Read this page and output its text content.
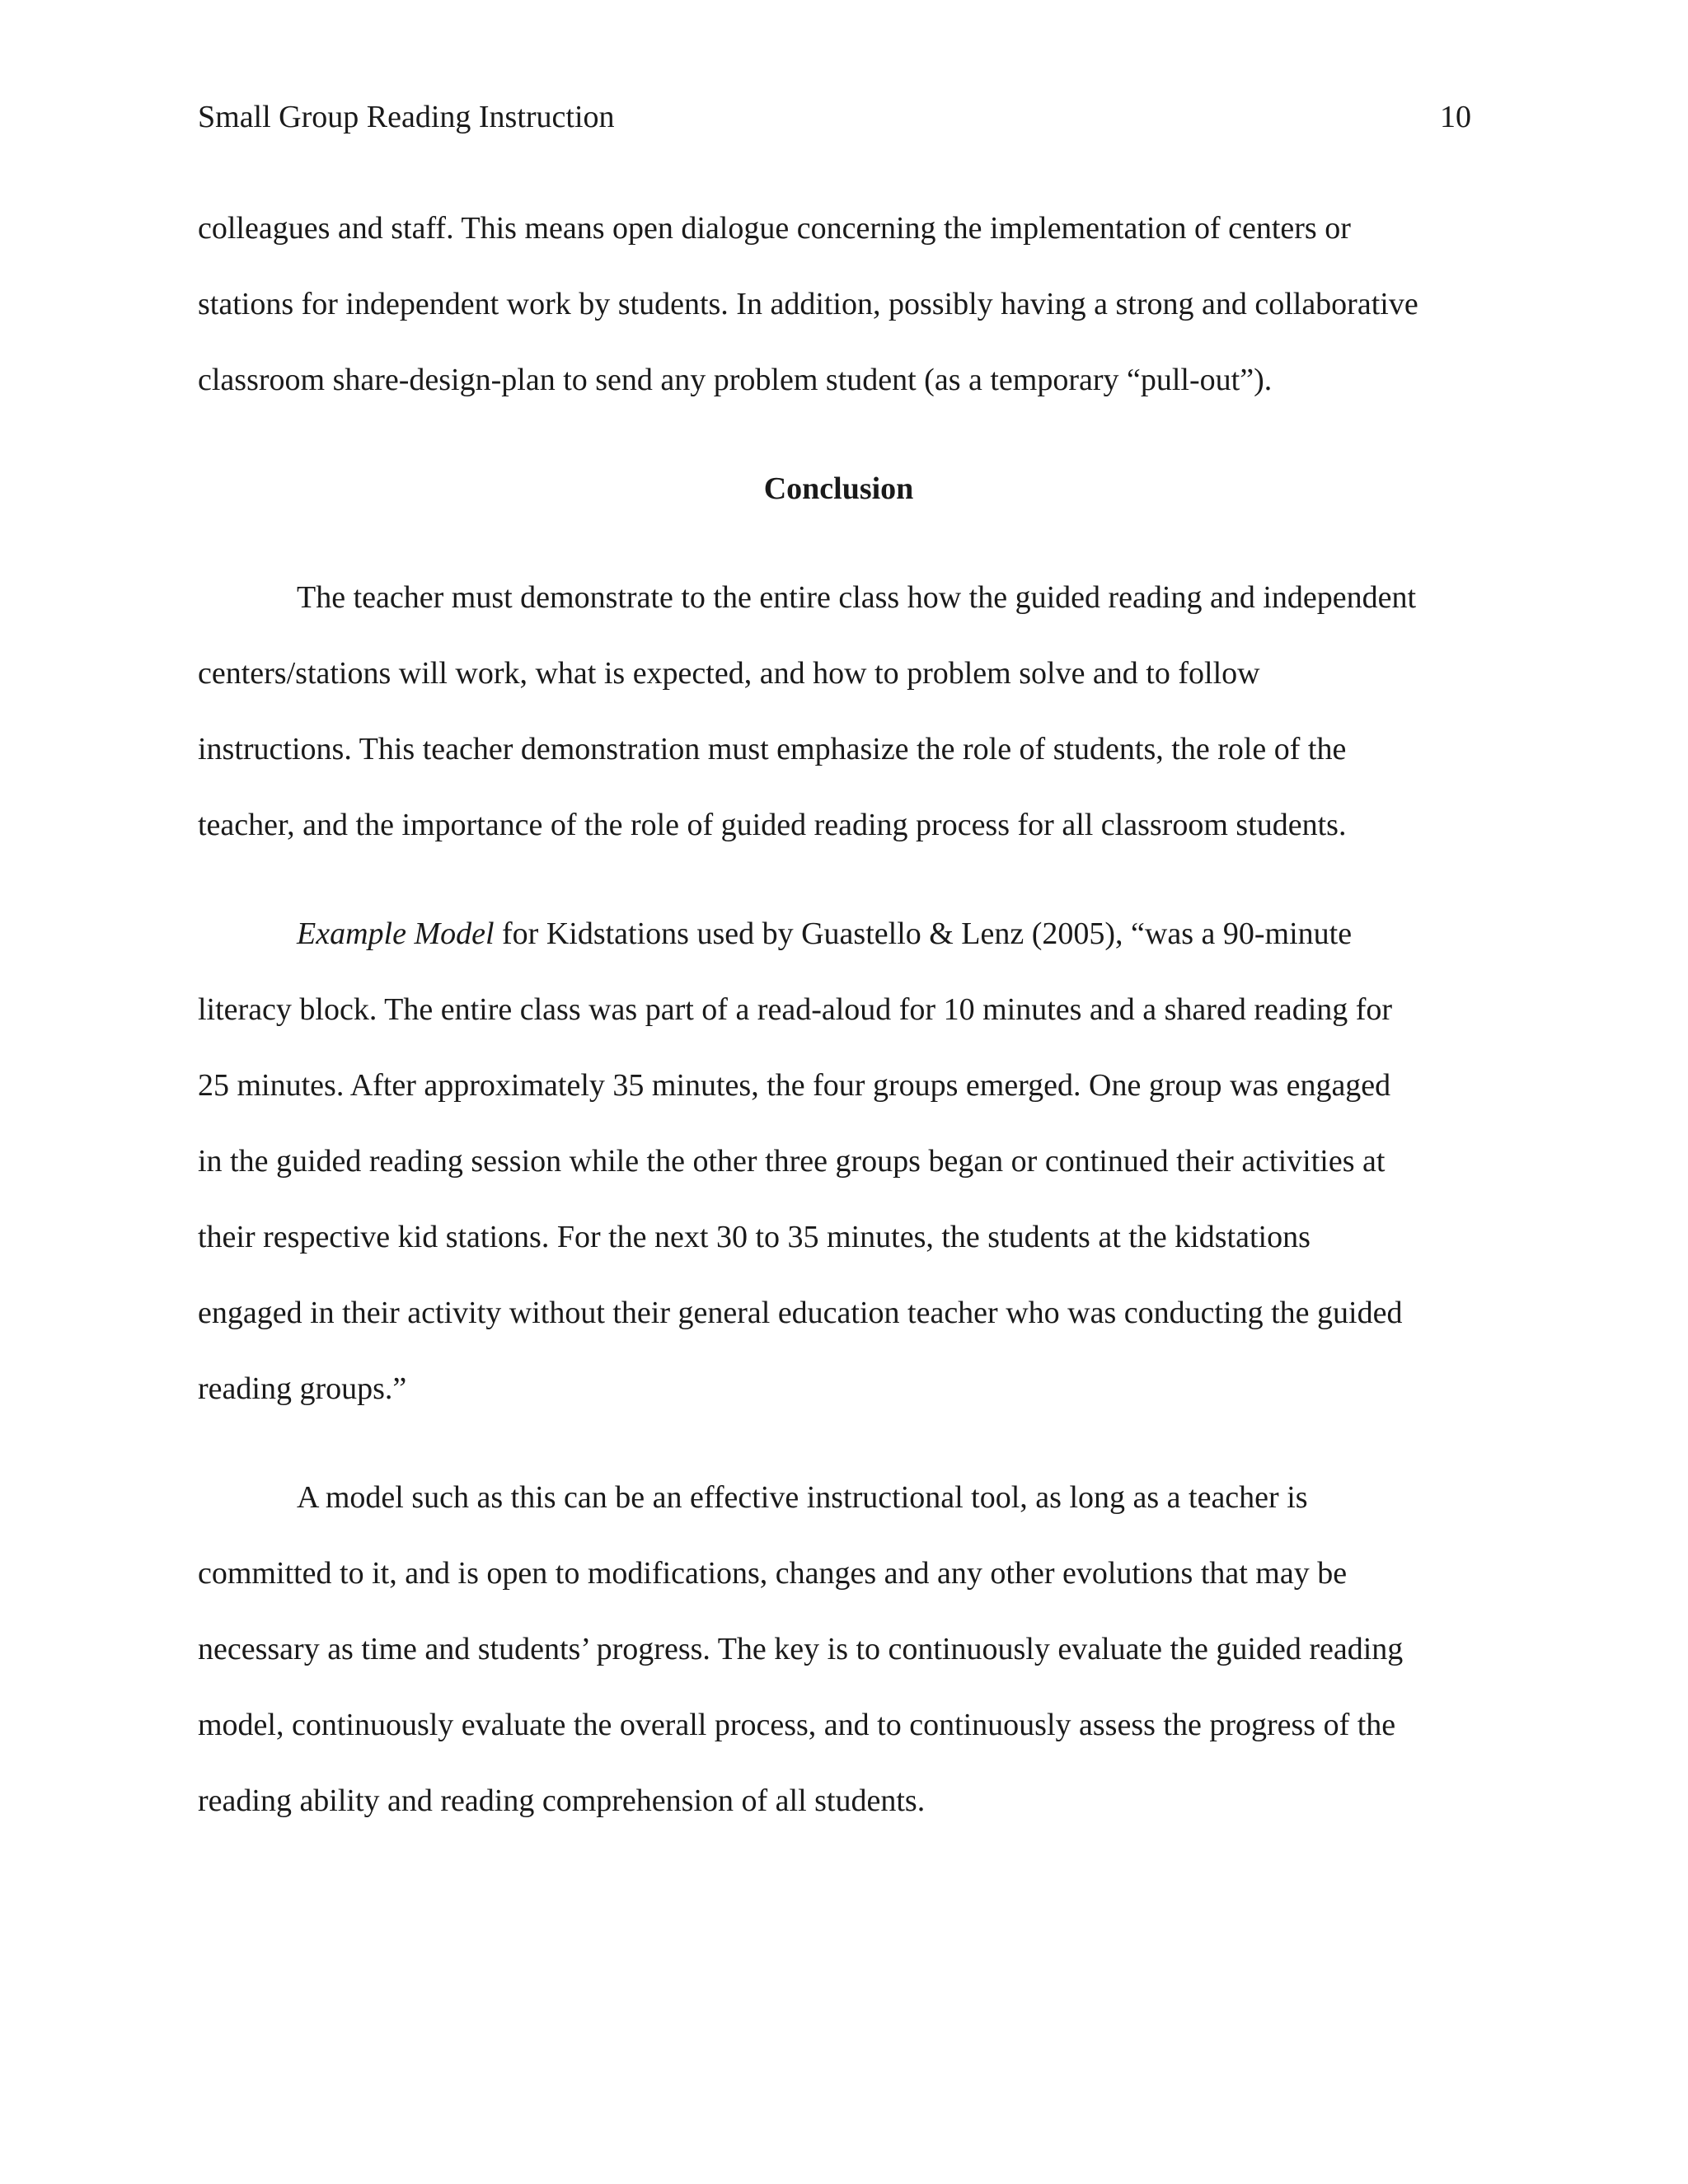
Small Group Reading Instruction	10
colleagues and staff. This means open dialogue concerning the implementation of centers or
stations for independent work by students. In addition, possibly having a strong and collaborative
classroom share-design-plan to send any problem student (as a temporary “pull-out”).
Conclusion
The teacher must demonstrate to the entire class how the guided reading and independent
centers/stations will work, what is expected, and how to problem solve and to follow
instructions. This teacher demonstration must emphasize the role of students, the role of the
teacher, and the importance of the role of guided reading process for all classroom students.
Example Model for Kidstations used by Guastello & Lenz (2005), “was a 90-minute
literacy block. The entire class was part of a read-aloud for 10 minutes and a shared reading for
25 minutes. After approximately 35 minutes, the four groups emerged. One group was engaged
in the guided reading session while the other three groups began or continued their activities at
their respective kid stations. For the next 30 to 35 minutes, the students at the kidstations
engaged in their activity without their general education teacher who was conducting the guided
reading groups.”
A model such as this can be an effective instructional tool, as long as a teacher is
committed to it, and is open to modifications, changes and any other evolutions that may be
necessary as time and students’ progress. The key is to continuously evaluate the guided reading
model, continuously evaluate the overall process, and to continuously assess the progress of the
reading ability and reading comprehension of all students.
